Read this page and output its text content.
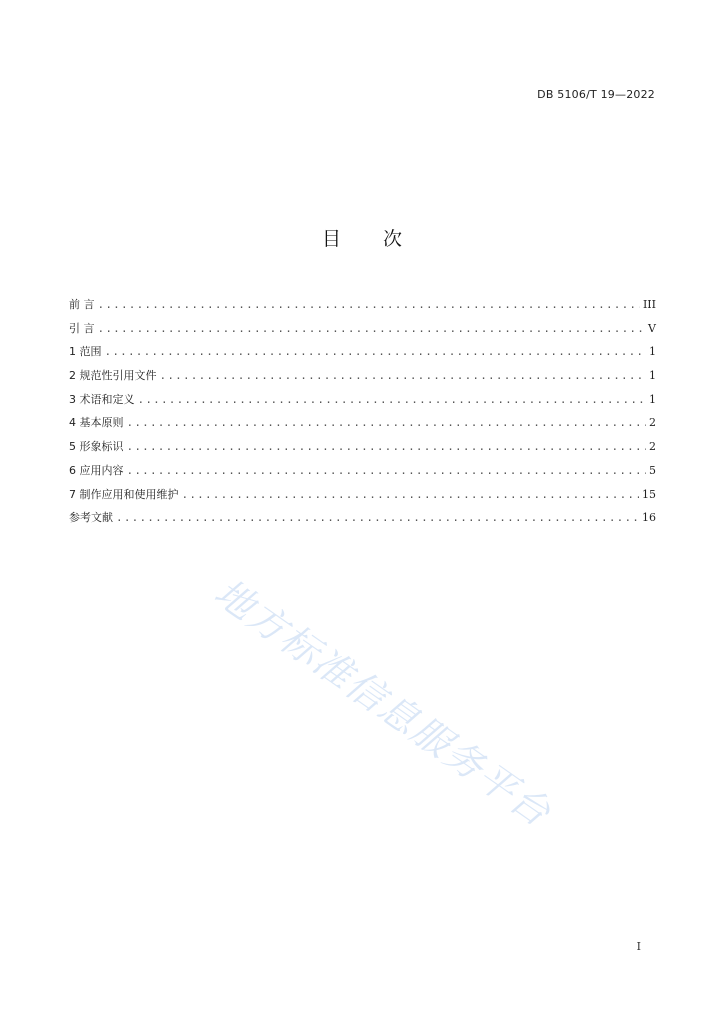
DB 5106/T 19—2022
目 次
前 言 .....	III
引 言 .....	V
1 范围 .....	1
2 规范性引用文件 .....	1
3 术语和定义 .....	1
4 基本原则 .....	2
5 形象标识 .....	2
6 应用内容 .....	5
7 制作应用和使用维护 .....	15
参考文献 .....	16
地方标准信息服务平台
I
